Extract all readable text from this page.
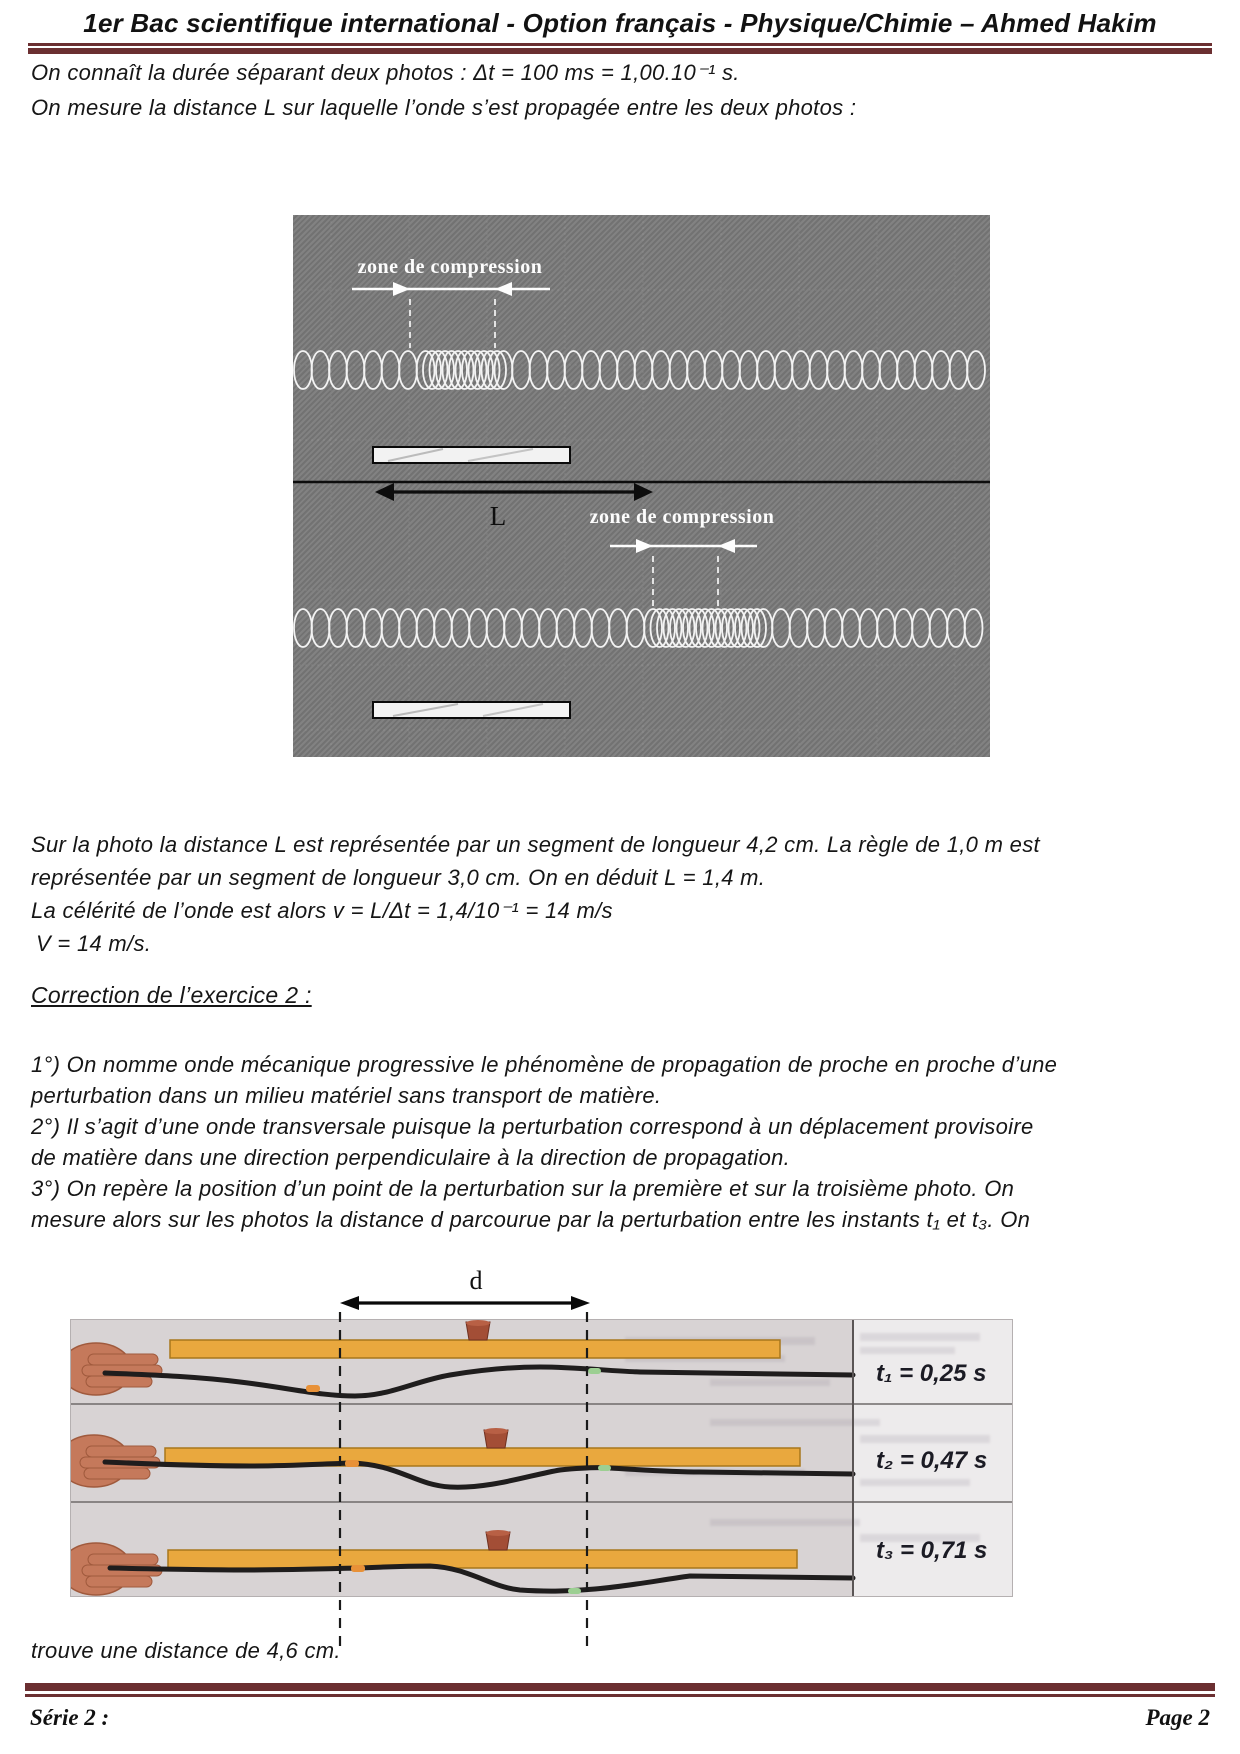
1er Bac scientifique international - Option français - Physique/Chimie – Ahmed Hakim
On connaît la durée séparant deux photos : Δt = 100 ms = 1,00.10⁻¹ s.
On mesure la distance L sur laquelle l’onde s’est propagée entre les deux photos :
zone de compression
L	zone de compression
Sur la photo la distance L est représentée par un segment de longueur 4,2 cm. La règle de 1,0 m est
représentée par un segment de longueur 3,0 cm. On en déduit L = 1,4 m.
La célérité de l’onde est alors v = L/Δt = 1,4/10⁻¹ = 14 m/s
V = 14 m/s.
Correction de l’exercice 2 :
1°) On nomme onde mécanique progressive le phénomène de propagation de proche en proche d’une
perturbation dans un milieu matériel sans transport de matière.
2°) Il s’agit d’une onde transversale puisque la perturbation correspond à un déplacement provisoire
de matière dans une direction perpendiculaire à la direction de propagation.
3°) On repère la position d’un point de la perturbation sur la première et sur la troisième photo. On
mesure alors sur les photos la distance d parcourue par la perturbation entre les instants t₁ et t₃. On
d
t₁ = 0,25 s
t₂ = 0,47 s
t₃ = 0,71 s
trouve une distance de 4,6 cm.
Série 2 :	Page 2
